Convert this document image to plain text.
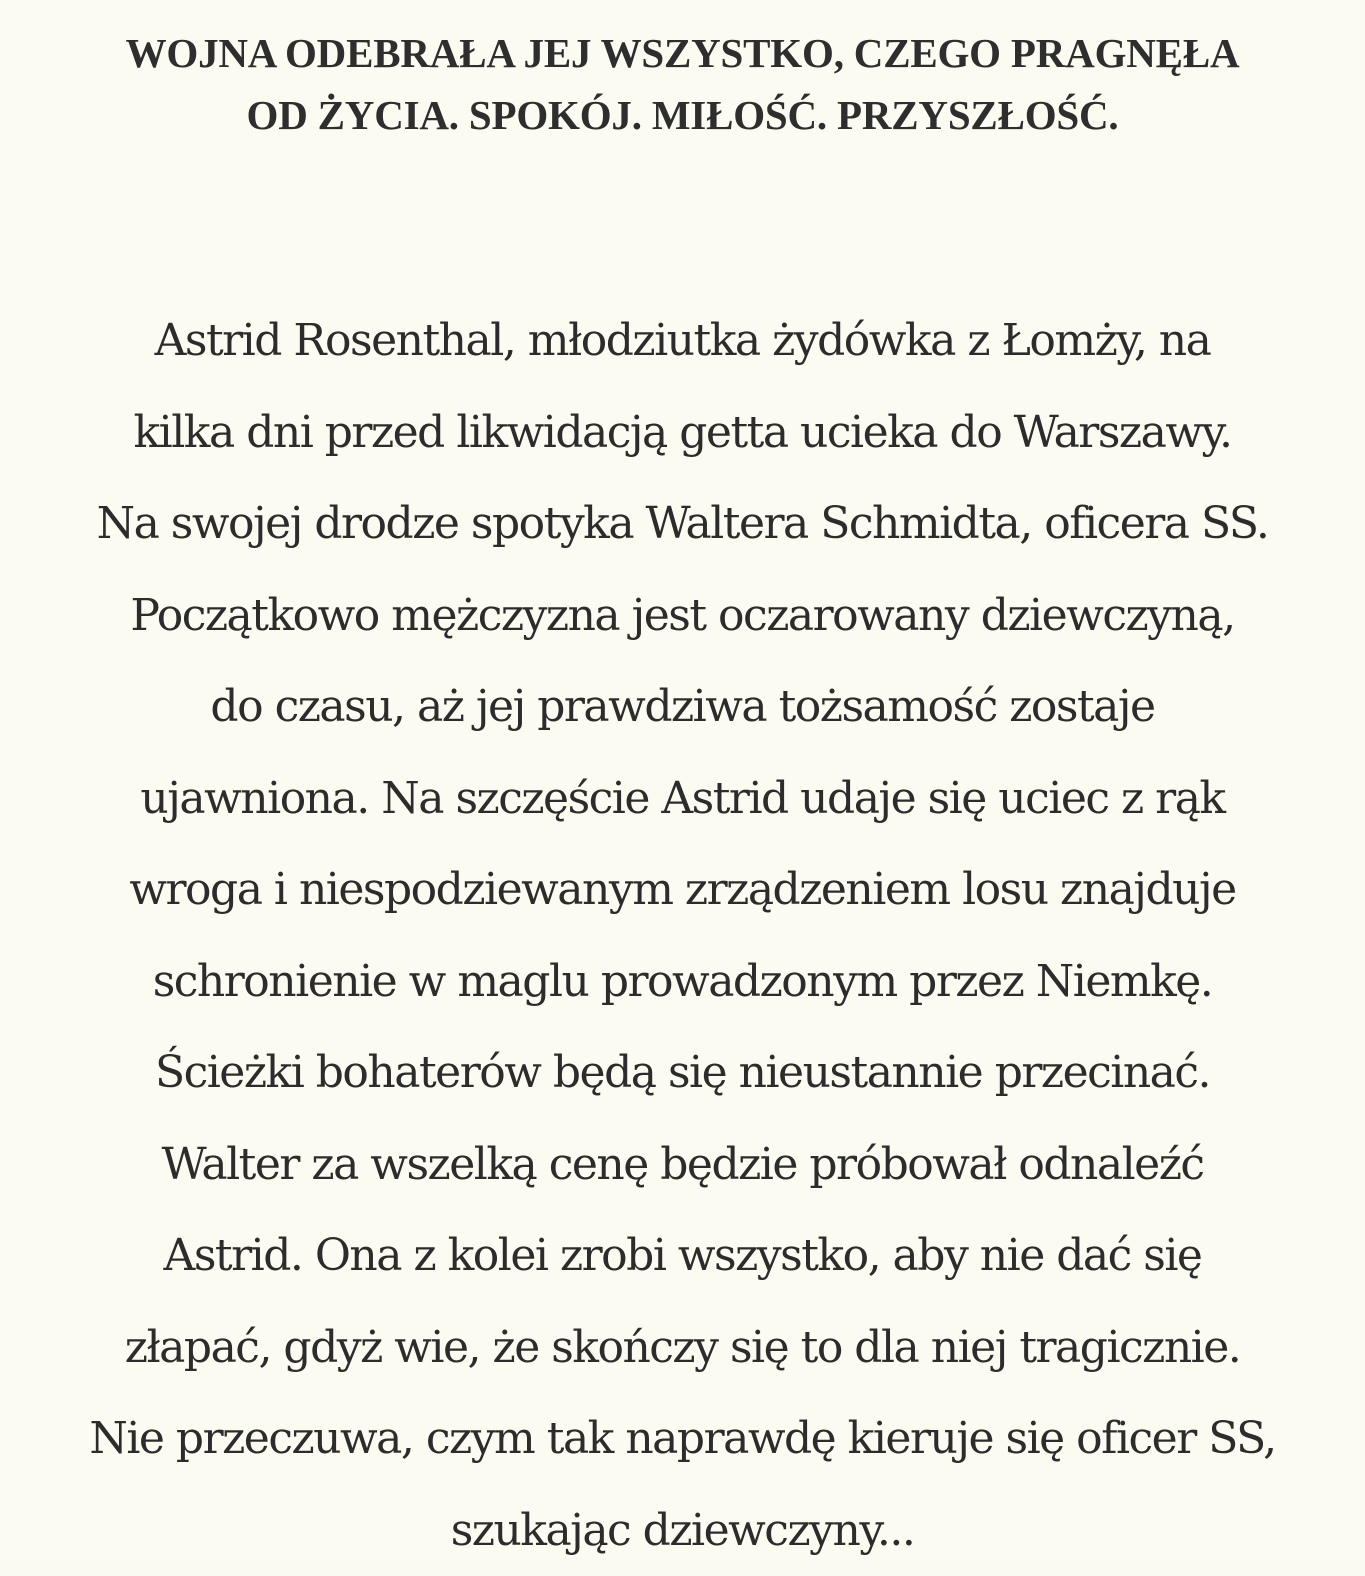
WOJNA ODEBRAŁA JEJ WSZYSTKO, CZEGO PRAGNĘŁA
OD ŻYCIA. SPOKÓJ. MIŁOŚĆ. PRZYSZŁOŚĆ.
Astrid Rosenthal, młodziutka żydówka z Łomży, na
kilka dni przed likwidacją getta ucieka do Warszawy.
Na swojej drodze spotyka Waltera Schmidta, oficera SS.
Początkowo mężczyzna jest oczarowany dziewczyną,
do czasu, aż jej prawdziwa tożsamość zostaje
ujawniona. Na szczęście Astrid udaje się uciec z rąk
wroga i niespodziewanym zrządzeniem losu znajduje
schronienie w maglu prowadzonym przez Niemkę.
Ścieżki bohaterów będą się nieustannie przecinać.
Walter za wszelką cenę będzie próbował odnaleźć
Astrid. Ona z kolei zrobi wszystko, aby nie dać się
złapać, gdyż wie, że skończy się to dla niej tragicznie.
Nie przeczuwa, czym tak naprawdę kieruje się oficer SS,
szukając dziewczyny...
